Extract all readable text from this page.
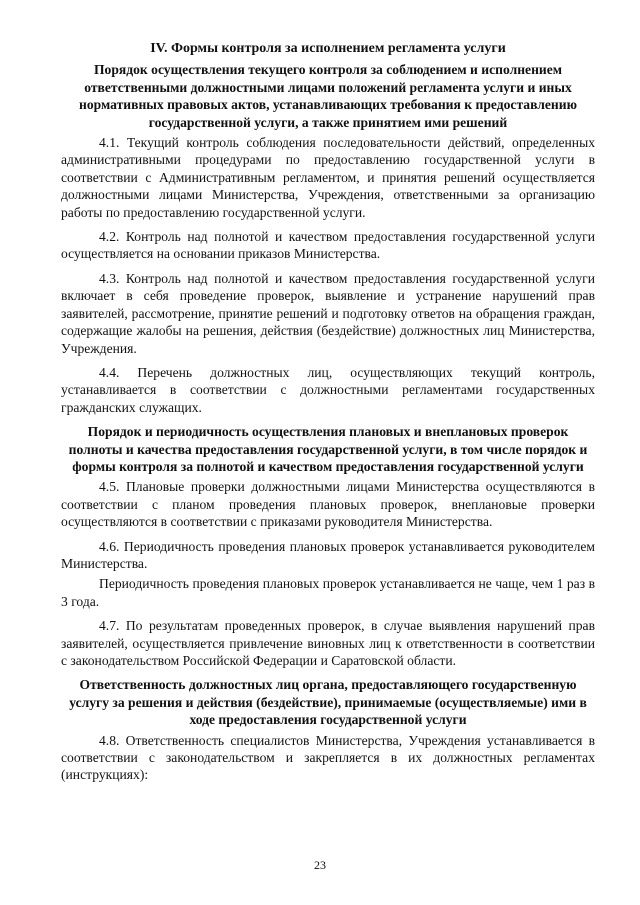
IV. Формы контроля за исполнением регламента услуги

Порядок осуществления текущего контроля за соблюдением и исполнением ответственными должностными лицами положений регламента услуги и иных нормативных правовых актов, устанавливающих требования к предоставлению государственной услуги, а также принятием ими решений

4.1. Текущий контроль соблюдения последовательности действий, определенных административными процедурами по предоставлению государственной услуги в соответствии с Административным регламентом, и принятия решений осуществляется должностными лицами Министерства, Учреждения, ответственными за организацию работы по предоставлению государственной услуги.

4.2. Контроль над полнотой и качеством предоставления государственной услуги осуществляется на основании приказов Министерства.

4.3. Контроль над полнотой и качеством предоставления государственной услуги включает в себя проведение проверок, выявление и устранение нарушений прав заявителей, рассмотрение, принятие решений и подготовку ответов на обращения граждан, содержащие жалобы на решения, действия (бездействие) должностных лиц Министерства, Учреждения.

4.4. Перечень должностных лиц, осуществляющих текущий контроль, устанавливается в соответствии с должностными регламентами государственных гражданских служащих.

Порядок и периодичность осуществления плановых и внеплановых проверок полноты и качества предоставления государственной услуги, в том числе порядок и формы контроля за полнотой и качеством предоставления государственной услуги

4.5. Плановые проверки должностными лицами Министерства осуществляются в соответствии с планом проведения плановых проверок, внеплановые проверки осуществляются в соответствии с приказами руководителя Министерства.

4.6. Периодичность проведения плановых проверок устанавливается руководителем Министерства.

Периодичность проведения плановых проверок устанавливается не чаще, чем 1 раз в 3 года.

4.7. По результатам проведенных проверок, в случае выявления нарушений прав заявителей, осуществляется привлечение виновных лиц к ответственности в соответствии с законодательством Российской Федерации и Саратовской области.

Ответственность должностных лиц органа, предоставляющего государственную услугу за решения и действия (бездействие), принимаемые (осуществляемые) ими в ходе предоставления государственной услуги

4.8. Ответственность специалистов Министерства, Учреждения устанавливается в соответствии с законодательством и закрепляется в их должностных регламентах (инструкциях):

23
